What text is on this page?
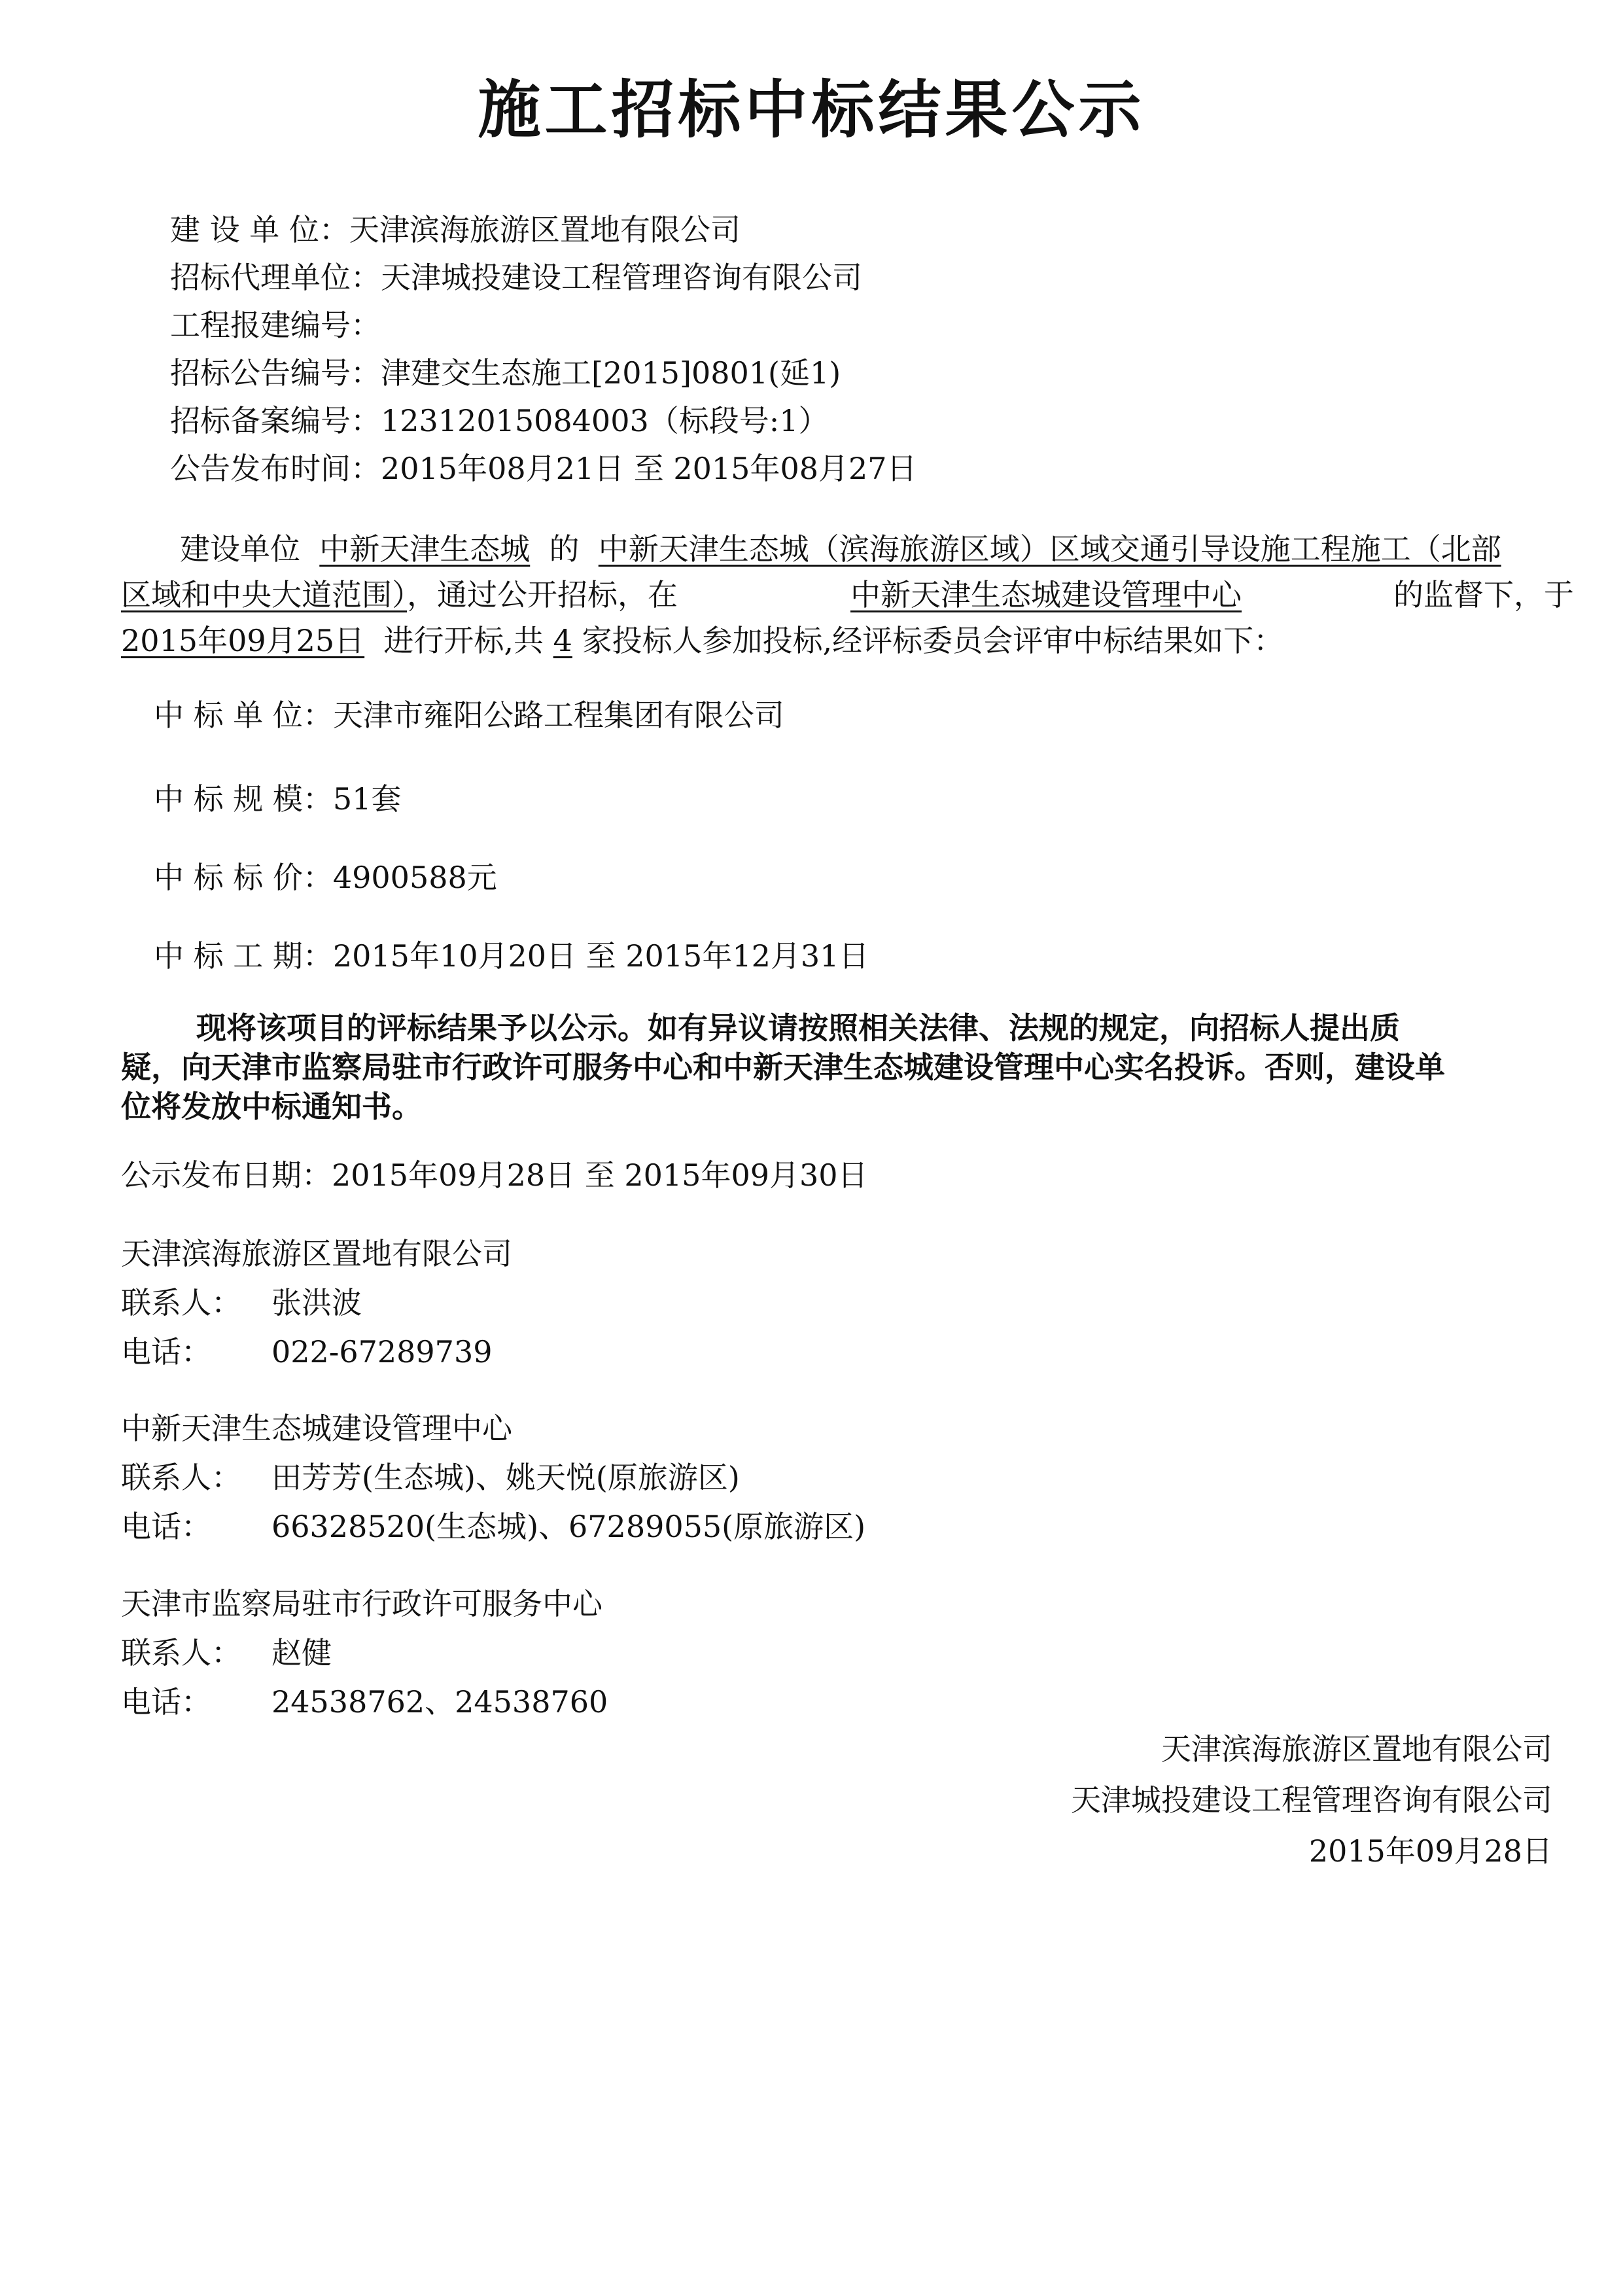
施工招标中标结果公示
建 设 单 位：天津滨海旅游区置地有限公司
招标代理单位：天津城投建设工程管理咨询有限公司
工程报建编号：
招标公告编号：津建交生态施工[2015]0801(延1)
招标备案编号：12312015084003（标段号:1）
公告发布时间：2015年08月21日 至 2015年08月27日
建设单位 中新天津生态城 的 中新天津生态城（滨海旅游区域）区域交通引导设施工程施工（北部
区域和中央大道范围），通过公开招标，在	中新天津生态城建设管理中心	的监督下，于
2015年09月25日 进行开标,共 4 家投标人参加投标,经评标委员会评审中标结果如下：
中 标 单 位：天津市雍阳公路工程集团有限公司
中 标 规 模：51套
中 标 标 价：4900588元
中 标 工 期：2015年10月20日 至 2015年12月31日
现将该项目的评标结果予以公示。如有异议请按照相关法律、法规的规定，向招标人提出质
疑，向天津市监察局驻市行政许可服务中心和中新天津生态城建设管理中心实名投诉。否则，建设单
位将发放中标通知书。
公示发布日期：2015年09月28日 至 2015年09月30日
天津滨海旅游区置地有限公司
联系人： 张洪波
电话： 022-67289739
中新天津生态城建设管理中心
联系人： 田芳芳(生态城)、姚天悦(原旅游区)
电话： 66328520(生态城)、67289055(原旅游区)
天津市监察局驻市行政许可服务中心
联系人： 赵健
电话： 24538762、24538760
天津滨海旅游区置地有限公司
天津城投建设工程管理咨询有限公司
2015年09月28日
